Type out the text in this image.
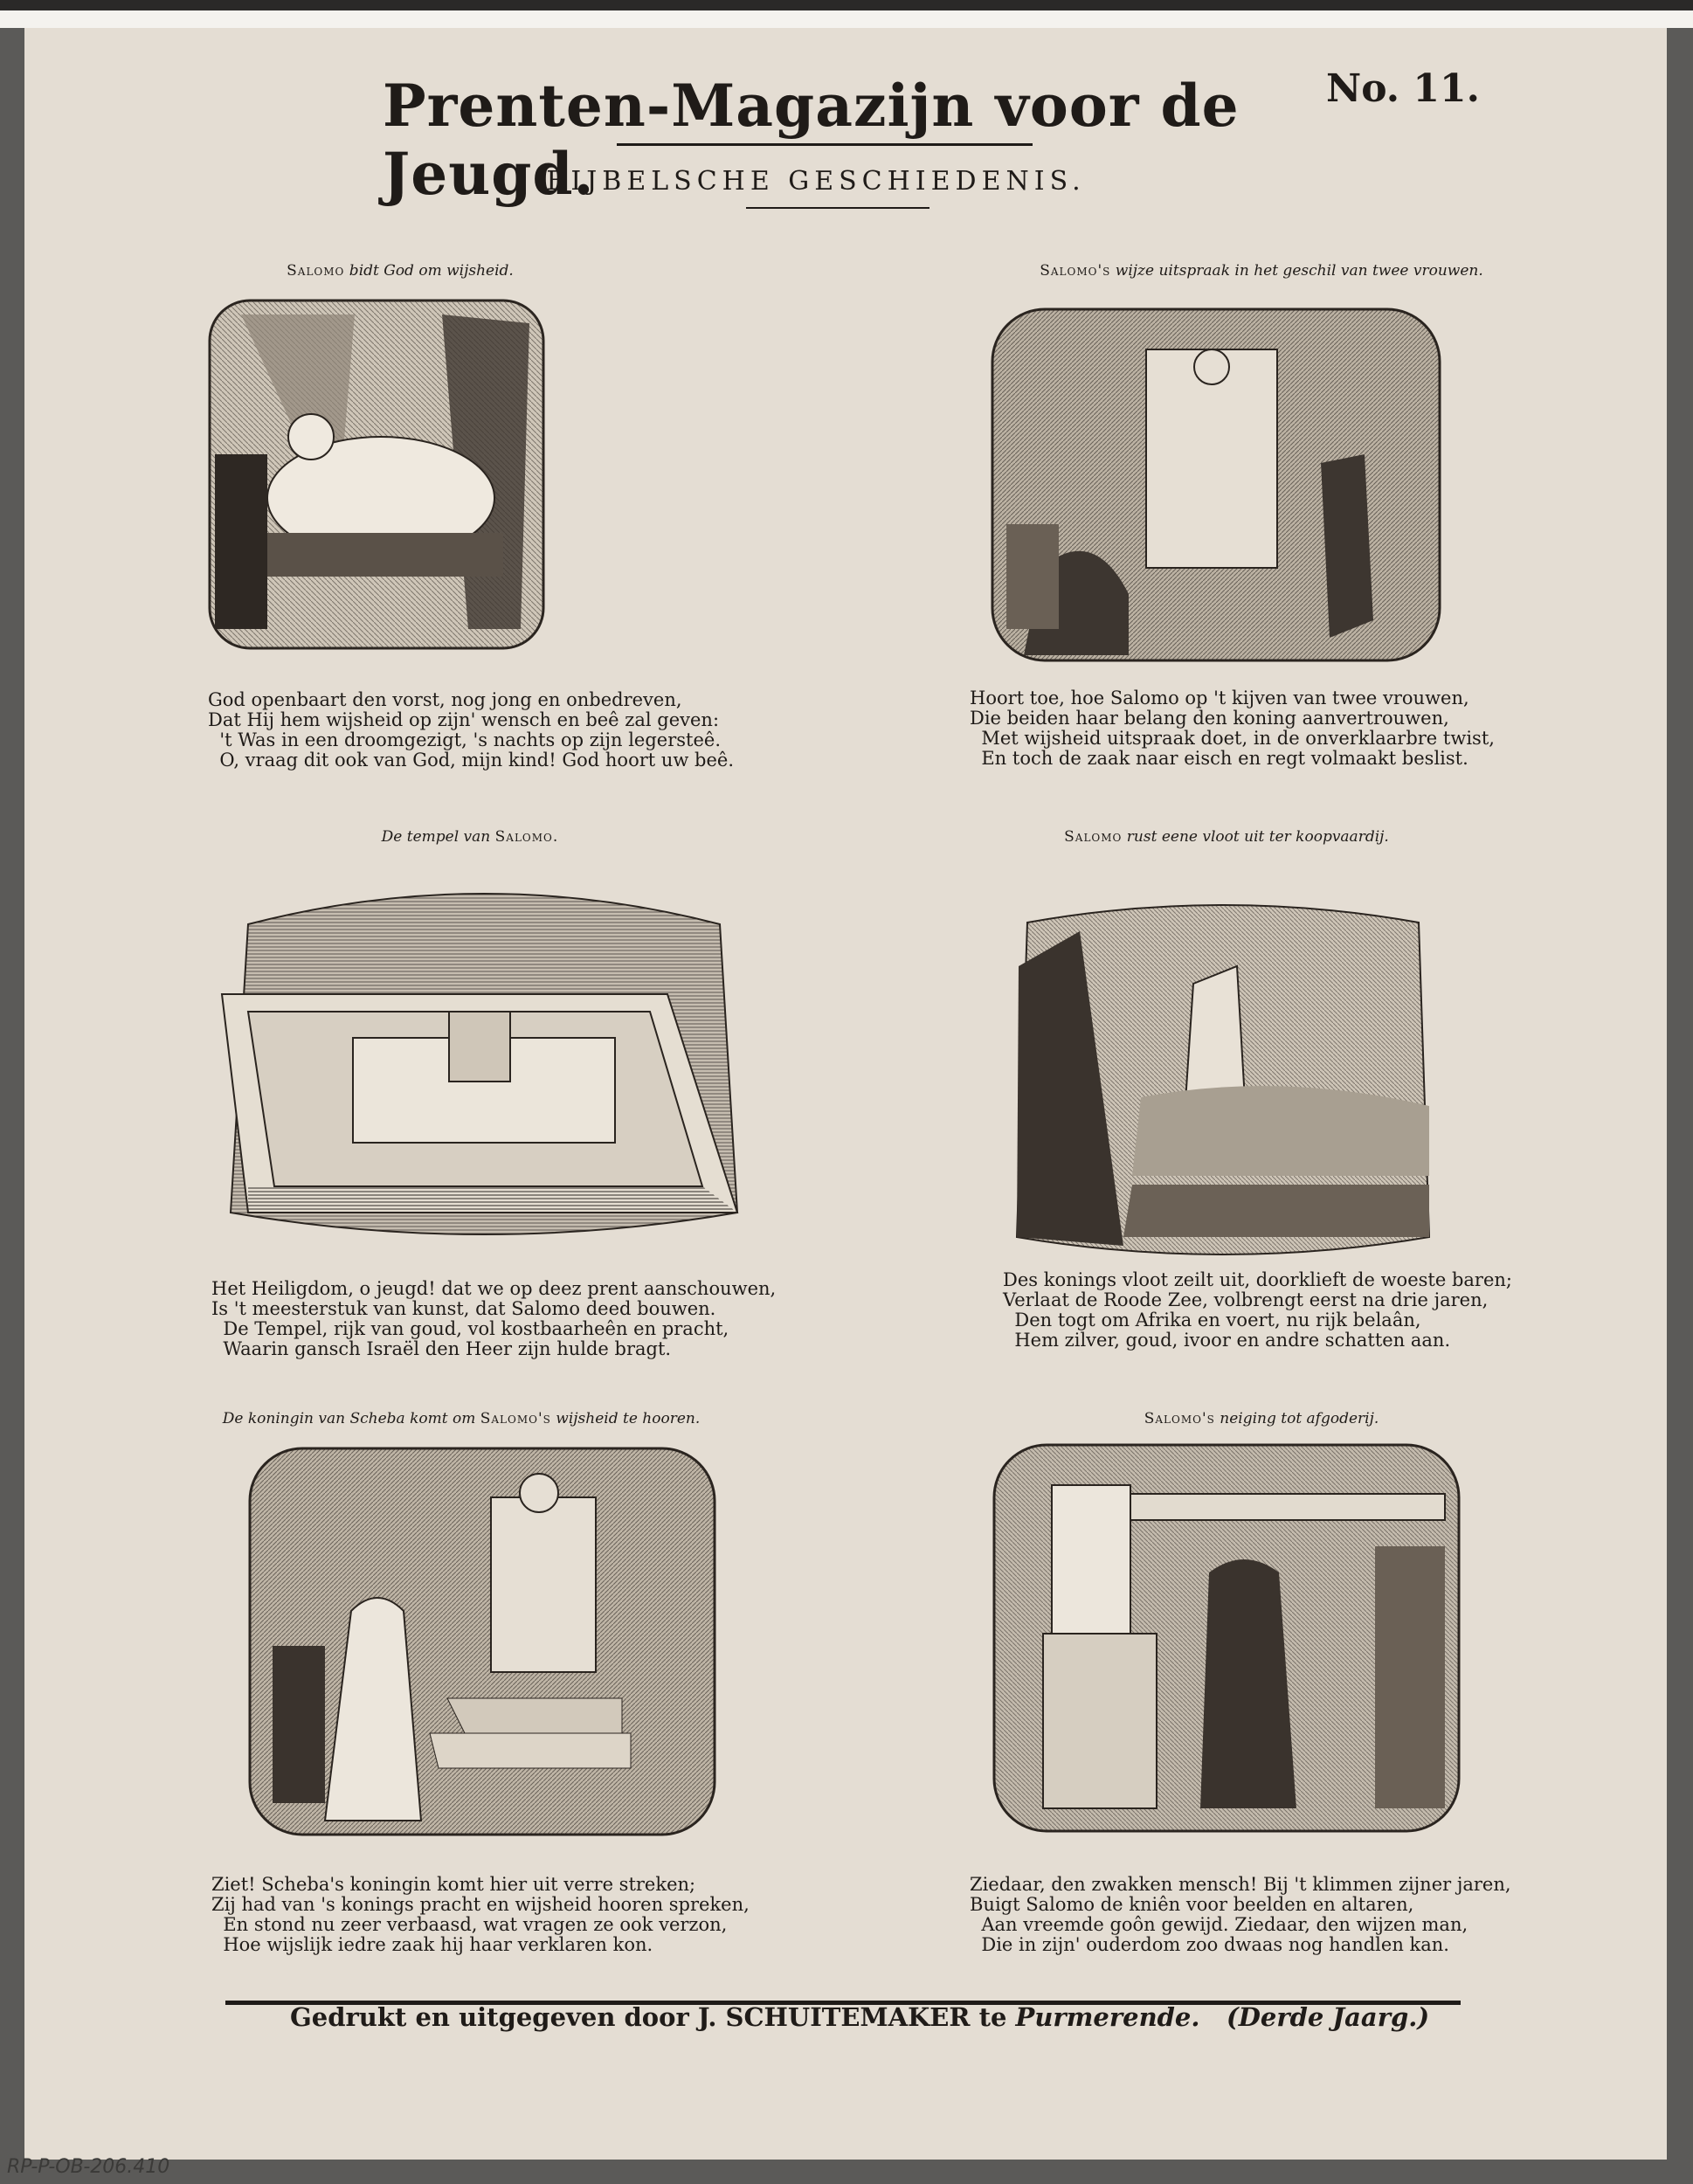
Prenten-Magazijn voor de Jeugd.
No. 11.
BIJBELSCHE GESCHIEDENIS.
Salomo bidt God om wijsheid.
God openbaart den vorst, nog jong en onbedreven,
Dat Hij hem wijsheid op zijn' wensch en beê zal geven:
't Was in een droomgezigt, 's nachts op zijn legersteê.
O, vraag dit ook van God, mijn kind! God hoort uw beê.
Salomo's wijze uitspraak in het geschil van twee vrouwen.
Hoort toe, hoe Salomo op 't kijven van twee vrouwen,
Die beiden haar belang den koning aanvertrouwen,
Met wijsheid uitspraak doet, in de onverklaarbre twist,
En toch de zaak naar eisch en regt volmaakt beslist.
De tempel van Salomo.
Het Heiligdom, o jeugd! dat we op deez prent aanschouwen,
Is 't meesterstuk van kunst, dat Salomo deed bouwen.
De Tempel, rijk van goud, vol kostbaarheên en pracht,
Waarin gansch Israël den Heer zijn hulde bragt.
Salomo rust eene vloot uit ter koopvaardij.
Des konings vloot zeilt uit, doorklieft de woeste baren;
Verlaat de Roode Zee, volbrengt eerst na drie jaren,
Den togt om Afrika en voert, nu rijk belaân,
Hem zilver, goud, ivoor en andre schatten aan.
De koningin van Scheba komt om Salomo's wijsheid te hooren.
Ziet! Scheba's koningin komt hier uit verre streken;
Zij had van 's konings pracht en wijsheid hooren spreken,
En stond nu zeer verbaasd, wat vragen ze ook verzon,
Hoe wijslijk iedre zaak hij haar verklaren kon.
Salomo's neiging tot afgoderij.
Ziedaar, den zwakken mensch! Bij 't klimmen zijner jaren,
Buigt Salomo de kniên voor beelden en altaren,
Aan vreemde goôn gewijd. Ziedaar, den wijzen man,
Die in zijn' ouderdom zoo dwaas nog handlen kan.
Gedrukt en uitgegeven door J. SCHUITEMAKER te Purmerende. (Derde Jaarg.)
RP-P-OB-206.410
